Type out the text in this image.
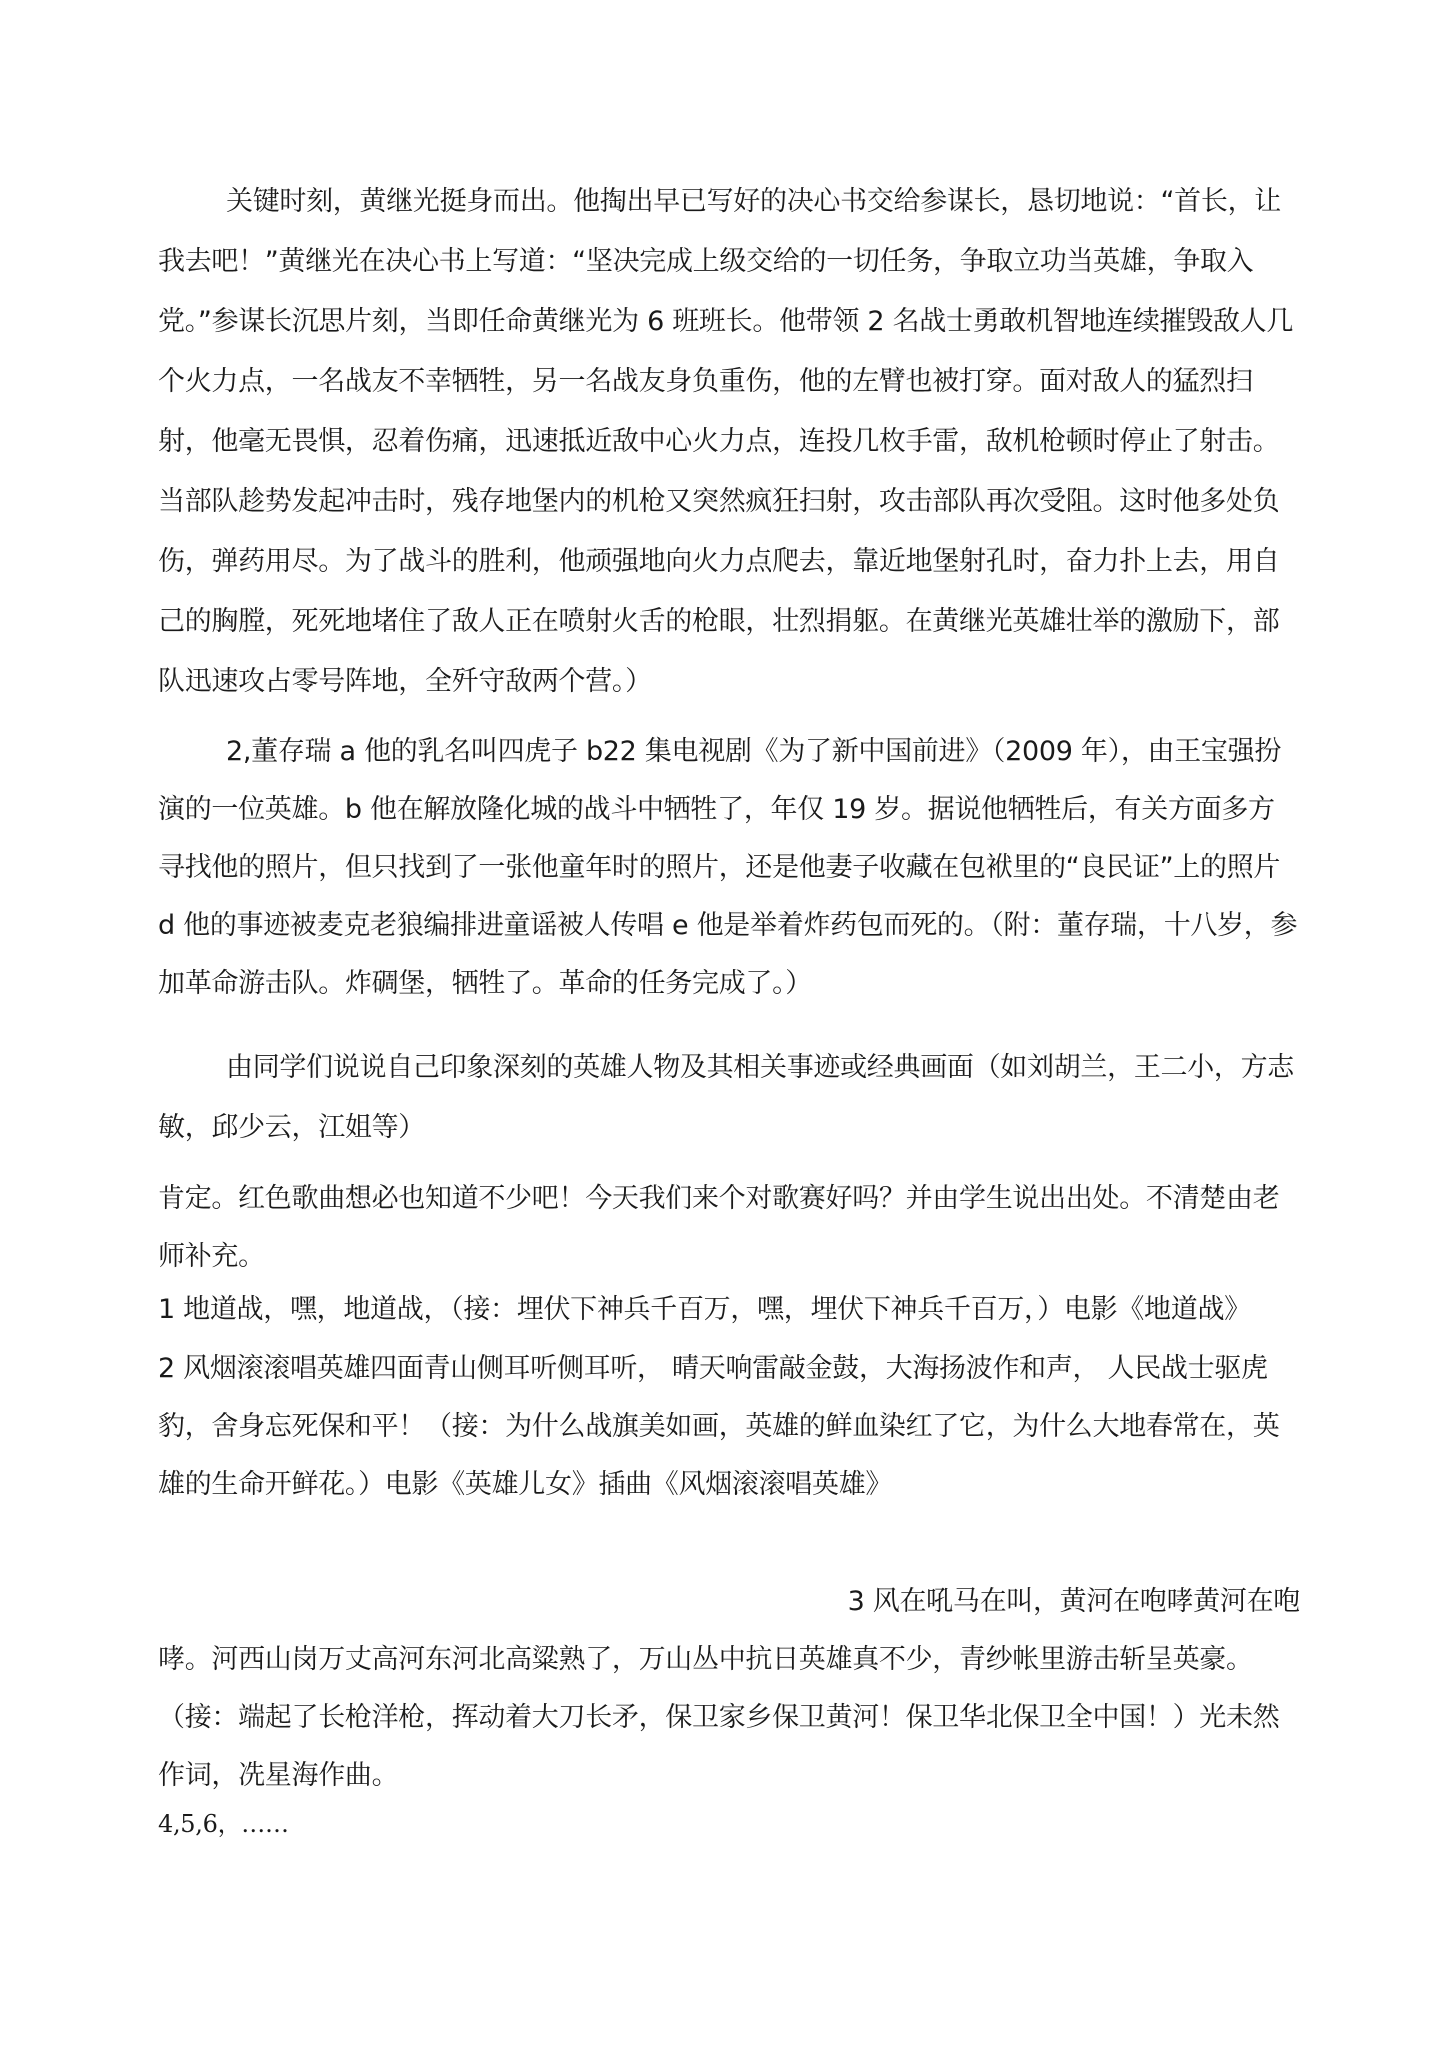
关键时刻，黄继光挺身而出。他掏出早已写好的决心书交给参谋长，恳切地说：“首长，让我去吧！”黄继光在决心书上写道：“坚决完成上级交给的一切任务，争取立功当英雄，争取入党。”参谋长沉思片刻，当即任命黄继光为 6 班班长。他带领 2 名战士勇敢机智地连续摧毁敌人几个火力点，一名战友不幸牺牲，另一名战友身负重伤，他的左臂也被打穿。面对敌人的猛烈扫射，他毫无畏惧，忍着伤痛，迅速抵近敌中心火力点，连投几枚手雷，敌机枪顿时停止了射击。当部队趁势发起冲击时，残存地堡内的机枪又突然疯狂扫射，攻击部队再次受阻。这时他多处负伤，弹药用尽。为了战斗的胜利，他顽强地向火力点爬去，靠近地堡射孔时，奋力扑上去，用自己的胸膛，死死地堵住了敌人正在喷射火舌的枪眼，壮烈捐躯。在黄继光英雄壮举的激励下，部队迅速攻占零号阵地，全歼守敌两个营。）

2,董存瑞 a 他的乳名叫四虎子 b22 集电视剧《为了新中国前进》（2009 年），由王宝强扮演的一位英雄。b 他在解放隆化城的战斗中牺牲了，年仅 19 岁。据说他牺牲后，有关方面多方寻找他的照片，但只找到了一张他童年时的照片，还是他妻子收藏在包袱里的“良民证”上的照片 d 他的事迹被麦克老狼编排进童谣被人传唱 e 他是举着炸药包而死的。（附：董存瑞，十八岁，参加革命游击队。炸碉堡，牺牲了。革命的任务完成了。）

由同学们说说自己印象深刻的英雄人物及其相关事迹或经典画面（如刘胡兰，王二小，方志敏，邱少云，江姐等）

肯定。红色歌曲想必也知道不少吧！今天我们来个对歌赛好吗？并由学生说出出处。不清楚由老师补充。

1 地道战，嘿，地道战，（接：埋伏下神兵千百万，嘿，埋伏下神兵千百万，）电影《地道战》

2 风烟滚滚唱英雄四面青山侧耳听侧耳听， 晴天响雷敲金鼓，大海扬波作和声， 人民战士驱虎豹，舍身忘死保和平！（接：为什么战旗美如画，英雄的鲜血染红了它，为什么大地春常在，英雄的生命开鲜花。）电影《英雄儿女》插曲《风烟滚滚唱英雄》

3 风在吼马在叫，黄河在咆哮黄河在咆哮。河西山岗万丈高河东河北高粱熟了，万山丛中抗日英雄真不少，青纱帐里游击斩呈英豪。（接：端起了长枪洋枪，挥动着大刀长矛，保卫家乡保卫黄河！保卫华北保卫全中国！）光未然作词，冼星海作曲。

4,5,6，……
